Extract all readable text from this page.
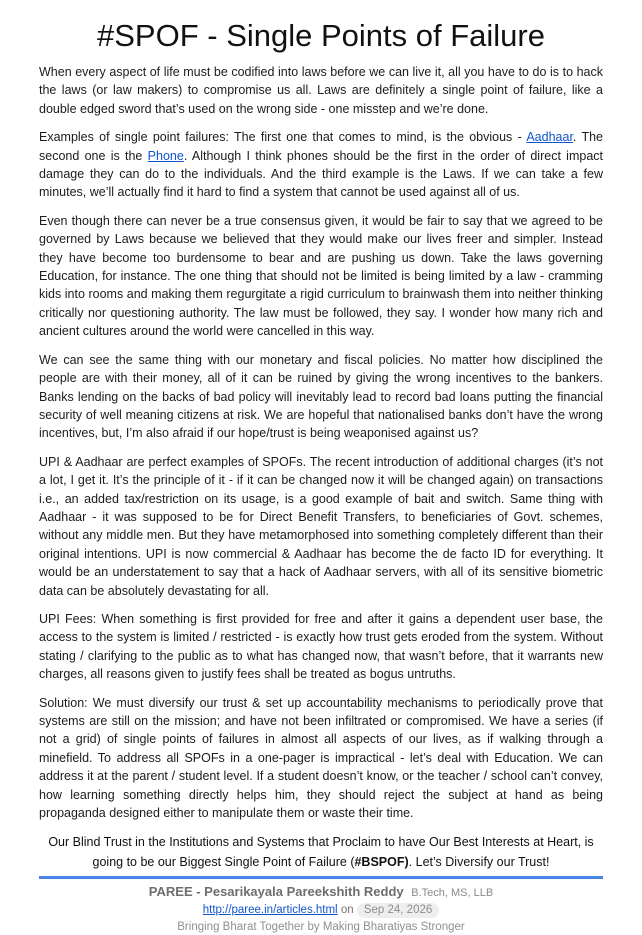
#SPOF - Single Points of Failure

When every aspect of life must be codified into laws before we can live it, all you have to do is to hack the laws (or law makers) to compromise us all. Laws are definitely a single point of failure, like a double edged sword that’s used on the wrong side - one misstep and we’re done.

Examples of single point failures: The first one that comes to mind, is the obvious - Aadhaar. The second one is the Phone. Although I think phones should be the first in the order of direct impact damage they can do to the individuals. And the third example is the Laws. If we can take a few minutes, we’ll actually find it hard to find a system that cannot be used against all of us.

Even though there can never be a true consensus given, it would be fair to say that we agreed to be governed by Laws because we believed that they would make our lives freer and simpler. Instead they have become too burdensome to bear and are pushing us down. Take the laws governing Education, for instance. The one thing that should not be limited is being limited by a law - cramming kids into rooms and making them regurgitate a rigid curriculum to brainwash them into neither thinking critically nor questioning authority. The law must be followed, they say. I wonder how many rich and ancient cultures around the world were cancelled in this way.

We can see the same thing with our monetary and fiscal policies. No matter how disciplined the people are with their money, all of it can be ruined by giving the wrong incentives to the bankers. Banks lending on the backs of bad policy will inevitably lead to record bad loans putting the financial security of well meaning citizens at risk. We are hopeful that nationalised banks don’t have the wrong incentives, but, I’m also afraid if our hope/trust is being weaponised against us?

UPI & Aadhaar are perfect examples of SPOFs. The recent introduction of additional charges (it’s not a lot, I get it. It’s the principle of it - if it can be changed now it will be changed again) on transactions i.e., an added tax/restriction on its usage, is a good example of bait and switch. Same thing with Aadhaar - it was supposed to be for Direct Benefit Transfers, to beneficiaries of Govt. schemes, without any middle men. But they have metamorphosed into something completely different than their original intentions. UPI is now commercial & Aadhaar has become the de facto ID for everything. It would be an understatement to say that a hack of Aadhaar servers, with all of its sensitive biometric data can be absolutely devastating for all.

UPI Fees: When something is first provided for free and after it gains a dependent user base, the access to the system is limited / restricted - is exactly how trust gets eroded from the system. Without stating / clarifying to the public as to what has changed now, that wasn’t before, that it warrants new charges, all reasons given to justify fees shall be treated as bogus untruths.

Solution: We must diversify our trust & set up accountability mechanisms to periodically prove that systems are still on the mission; and have not been infiltrated or compromised. We have a series (if not a grid) of single points of failures in almost all aspects of our lives, as if walking through a minefield. To address all SPOFs in a one-pager is impractical - let’s deal with Education. We can address it at the parent / student level. If a student doesn’t know, or the teacher / school can’t convey, how learning something directly helps him, they should reject the subject at hand as being propaganda designed either to manipulate them or waste their time.

Our Blind Trust in the Institutions and Systems that Proclaim to have Our Best Interests at Heart, is going to be our Biggest Single Point of Failure (#BSPOF). Let’s Diversify our Trust!

PAREE - Pesarikayala Pareekshith Reddy B.Tech, MS, LLB
http://paree.in/articles.html on Sep 24, 2026
Bringing Bharat Together by Making Bharatiyas Stronger
